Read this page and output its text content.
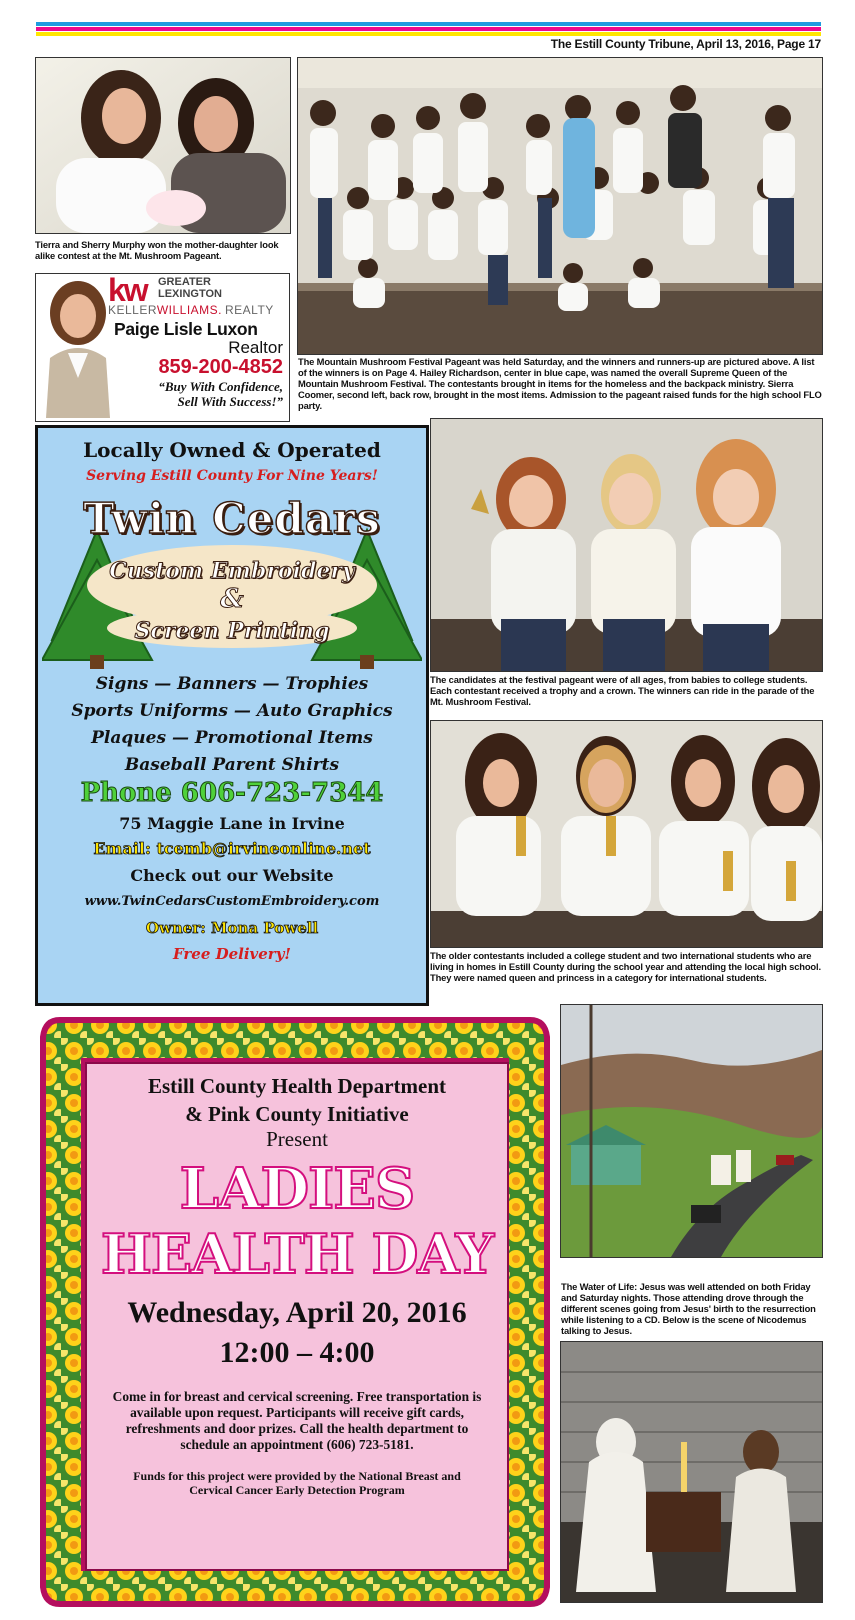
The Estill County Tribune, April 13, 2016, Page 17
Tierra and Sherry Murphy won the mother-daughter look alike contest at the Mt. Mushroom Pageant.
kw GREATER
LEXINGTON
KELLERWILLIAMS. REALTY
Paige Lisle Luxon
Realtor
859-200-4852
“Buy With Confidence,
Sell With Success!”
The Mountain Mushroom Festival Pageant was held Saturday, and the winners and runners-up are pictured above. A list of the winners is on Page 4. Hailey Richardson, center in blue cape, was named the overall Supreme Queen of the Mountain Mushroom Festival. The contestants brought in items for the homeless and the backpack ministry. Sierra Coomer, second left, back row, brought in the most items. Admission to the pageant raised funds for the high school FLO party.
Locally Owned & Operated
Serving Estill County For Nine Years!
Twin Cedars
Custom Embroidery
&
Screen Printing
Signs — Banners — Trophies
Sports Uniforms — Auto Graphics
Plaques — Promotional Items
Baseball Parent Shirts
Phone 606-723-7344
75 Maggie Lane in Irvine
Email: tcemb@irvineonline.net
Check out our Website
www.TwinCedarsCustomEmbroidery.com
Owner: Mona Powell
Free Delivery!
The candidates at the festival pageant were of all ages, from babies to college students. Each contestant received a trophy and a crown. The winners can ride in the parade of the Mt. Mushroom Festival.
The older contestants included a college student and two international students who are living in homes in Estill County during the school year and attending the local high school. They were named queen and princess in a category for international students.
Estill County Health Department
& Pink County Initiative
Present
LADIES
HEALTH DAY
Wednesday, April 20, 2016
12:00 – 4:00
Come in for breast and cervical screening. Free transportation is available upon request. Participants will receive gift cards, refreshments and door prizes. Call the health department to schedule an appointment (606) 723-5181.
Funds for this project were provided by the National Breast and Cervical Cancer Early Detection Program
The Water of Life: Jesus was well attended on both Friday and Saturday nights. Those attending drove through the different scenes going from Jesus' birth to the resurrection while listening to a CD. Below is the scene of Nicodemus talking to Jesus.
